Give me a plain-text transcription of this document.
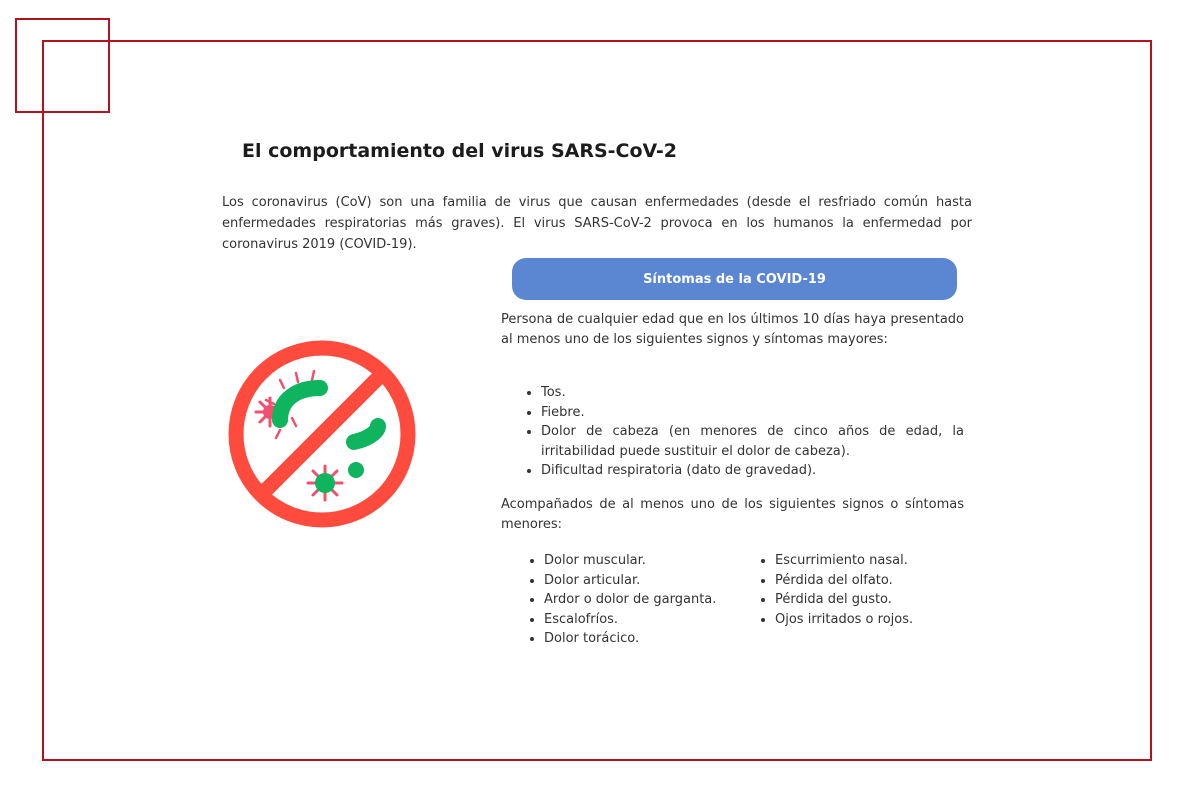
El comportamiento del virus SARS-CoV-2

Los coronavirus (CoV) son una familia de virus que causan enfermedades (desde el resfriado común hasta enfermedades respiratorias más graves). El virus SARS-CoV-2 provoca en los humanos la enfermedad por coronavirus 2019 (COVID-19).

Síntomas de la COVID-19

Persona de cualquier edad que en los últimos 10 días haya presentado al menos uno de los siguientes signos y síntomas mayores:

Tos.
Fiebre.
Dolor de cabeza (en menores de cinco años de edad, la irritabilidad puede sustituir el dolor de cabeza).
Dificultad respiratoria (dato de gravedad).

Acompañados de al menos uno de los siguientes signos o síntomas menores:

Dolor muscular.
Dolor articular.
Ardor o dolor de garganta.
Escalofríos.
Dolor torácico.
Escurrimiento nasal.
Pérdida del olfato.
Pérdida del gusto.
Ojos irritados o rojos.
